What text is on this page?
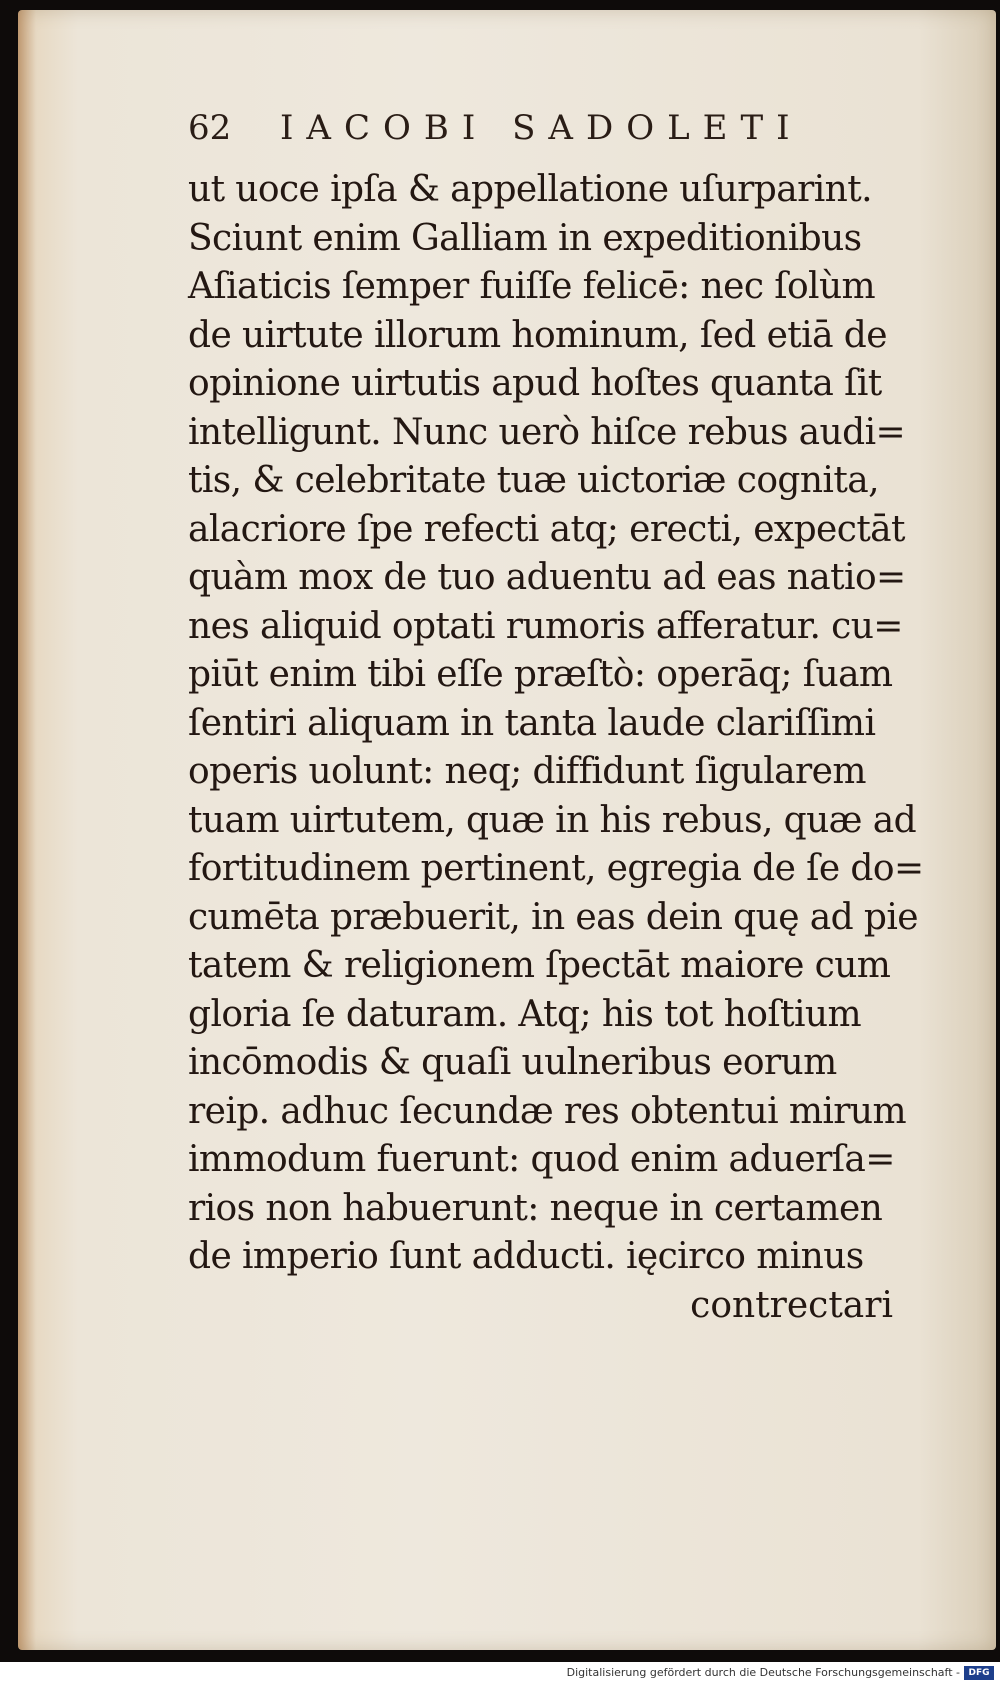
62 IACOBI SADOLETI
ut uoce ipſa & appellatione uſurparint.
Sciunt enim Galliam in expeditionibus
Aſiaticis ſemper fuiſſe felicē: nec ſolùm
de uirtute illorum hominum, ſed etiā de
opinione uirtutis apud hoſtes quanta ſit
intelligunt. Nunc uerò hiſce rebus audi=
tis, & celebritate tuæ uictoriæ cognita,
alacriore ſpe refecti atq; erecti, expectāt
quàm mox de tuo aduentu ad eas natio=
nes aliquid optati rumoris afferatur. cu=
piūt enim tibi eſſe præſtò: operāq; ſuam
ſentiri aliquam in tanta laude clariſſimi
operis uolunt: neq; diffidunt ſigularem
tuam uirtutem, quæ in his rebus, quæ ad
fortitudinem pertinent, egregia de ſe do=
cumēta præbuerit, in eas dein quę ad pie
tatem & religionem ſpectāt maiore cum
gloria ſe daturam. Atq; his tot hoſtium
incōmodis & quaſi uulneribus eorum
reip. adhuc ſecundæ res obtentui mirum
immodum fuerunt: quod enim aduerſa=
rios non habuerunt: neque in certamen
de imperio ſunt adducti. ięcirco minus
contrectari
Digitalisierung gefördert durch die Deutsche Forschungsgemeinschaft - DFG
